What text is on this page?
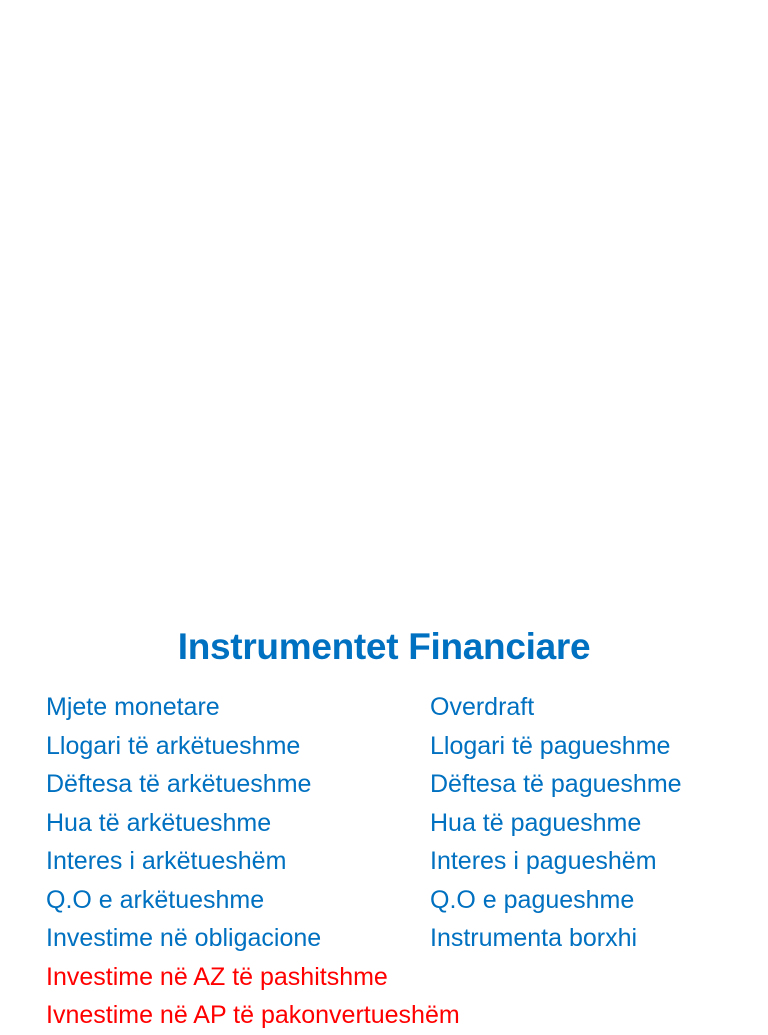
Instrumentet Financiare
Mjete monetare
Llogari të arkëtueshme
Dëftesa të arkëtueshme
Hua të arkëtueshme
Interes i arkëtueshëm
Q.O e arkëtueshme
Investime në obligacione
Investime në AZ të pashitshme
Ivnestime në AP të pakonvertueshëm
Overdraft
Llogari të pagueshme
Dëftesa të pagueshme
Hua të pagueshme
Interes i pagueshëm
Q.O e pagueshme
Instrumenta borxhi
